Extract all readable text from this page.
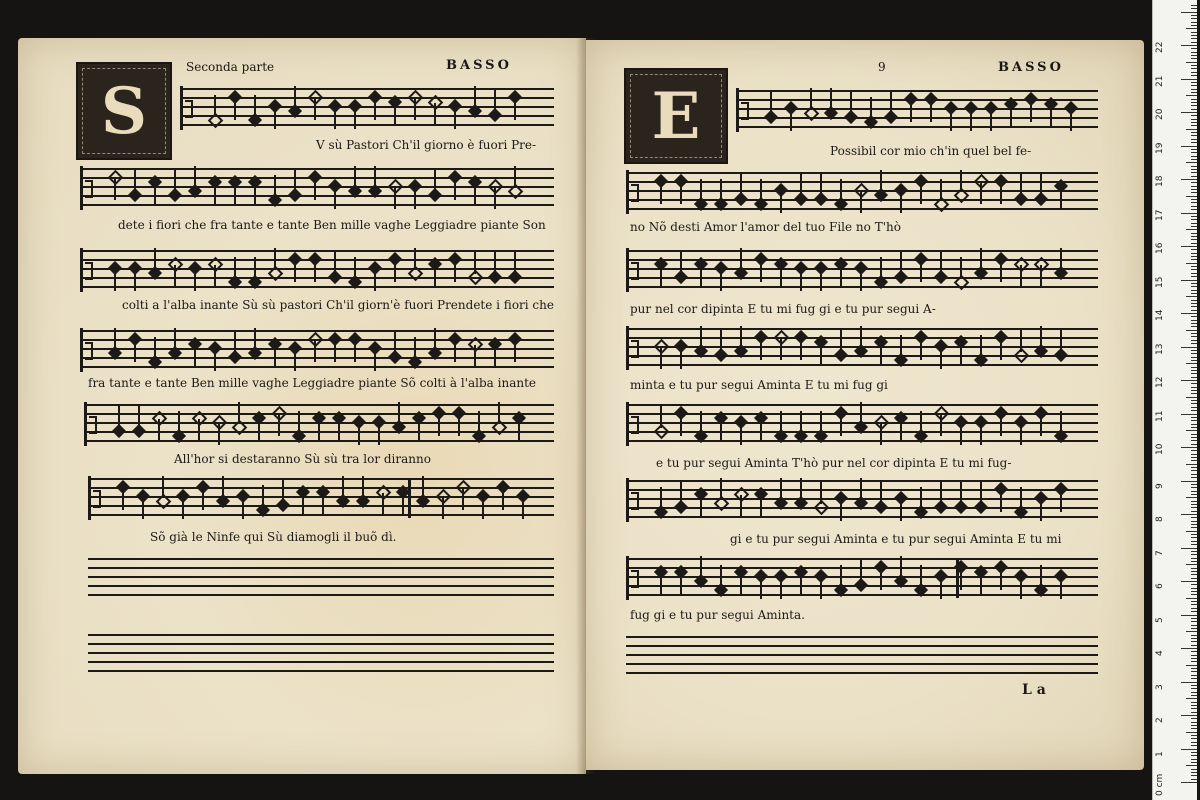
S
Seconda parte	BASSO
V sù Pastori Ch'il giorno è fuori Pre-
dete i fiori che fra tante e tante Ben mille vaghe Leggiadre piante Son
colti a l'alba inante Sù sù pastori Ch'il giorn'è fuori Prendete i fiori che
fra tante e tante Ben mille vaghe Leggiadre piante Sõ colti à l'alba inante
All'hor si destaranno Sù sù tra lor diranno
Sõ già le Ninfe qui Sù diamogli il buõ dì.
E
9	BASSO
Possibil cor mio ch'in quel bel fe-
no Nõ desti Amor l'amor del tuo File no T'hò
pur nel cor dipinta E tu mi fug gi e tu pur segui A-
minta e tu pur segui Aminta E tu mi fug gi
e tu pur segui Aminta T'hò pur nel cor dipinta E tu mi fug-
gi e tu pur segui Aminta e tu pur segui Aminta E tu mi
fug gi e tu pur segui Aminta.
L a
0 cm
1
2
3
4
5
6
7
8
9
10
11
12
13
14
15
16
17
18
19
20
21
22
